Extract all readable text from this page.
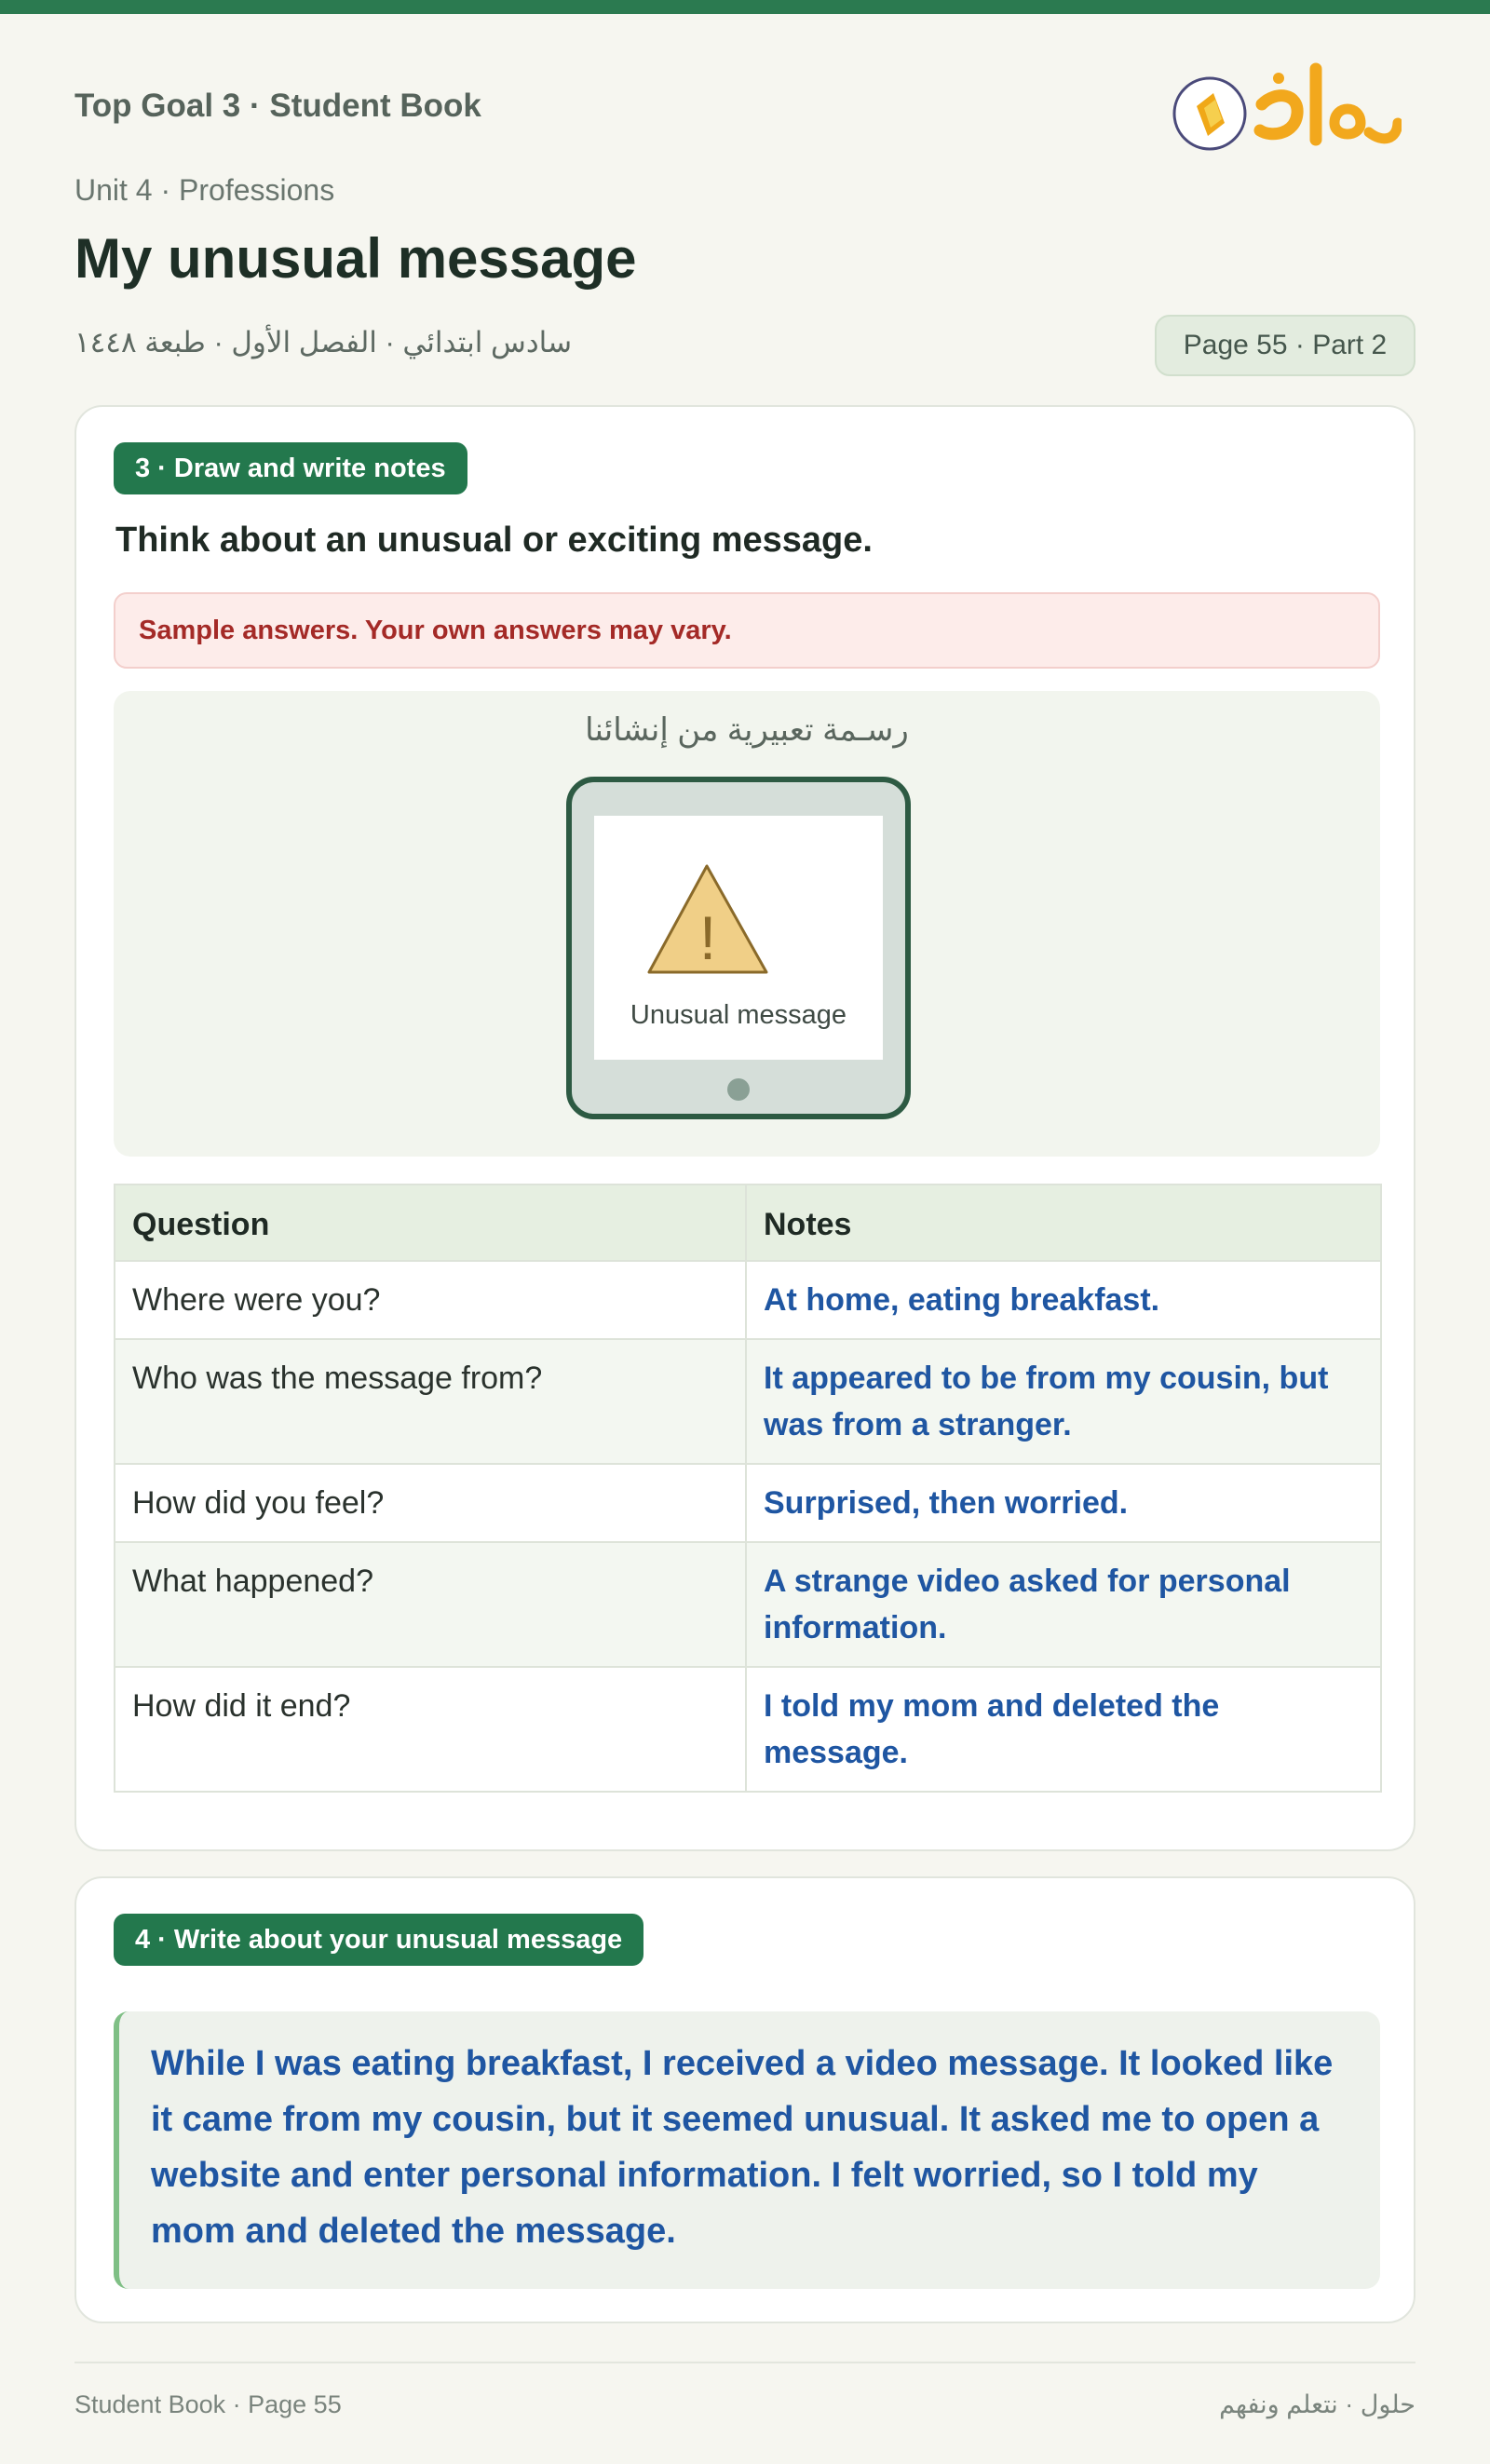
Top Goal 3 · Student Book
Unit 4 · Professions
My unusual message
سادس ابتدائي · الفصل الأول · طبعة ١٤٤٨	Page 55 · Part 2
3 · Draw and write notes
Think about an unusual or exciting message.
Sample answers. Your own answers may vary.
رسـمة تعبيرية من إنشائنا
!
Unusual message
Question	Notes
Where were you?	At home, eating breakfast.
Who was the message from?	It appeared to be from my cousin, but was from a stranger.
How did you feel?	Surprised, then worried.
What happened?	A strange video asked for personal information.
How did it end?	I told my mom and deleted the message.
4 · Write about your unusual message
While I was eating breakfast, I received a video message. It looked like it came from my cousin, but it seemed unusual. It asked me to open a website and enter personal information. I felt worried, so I told my mom and deleted the message.
Student Book · Page 55	حلول · نتعلم ونفهم
